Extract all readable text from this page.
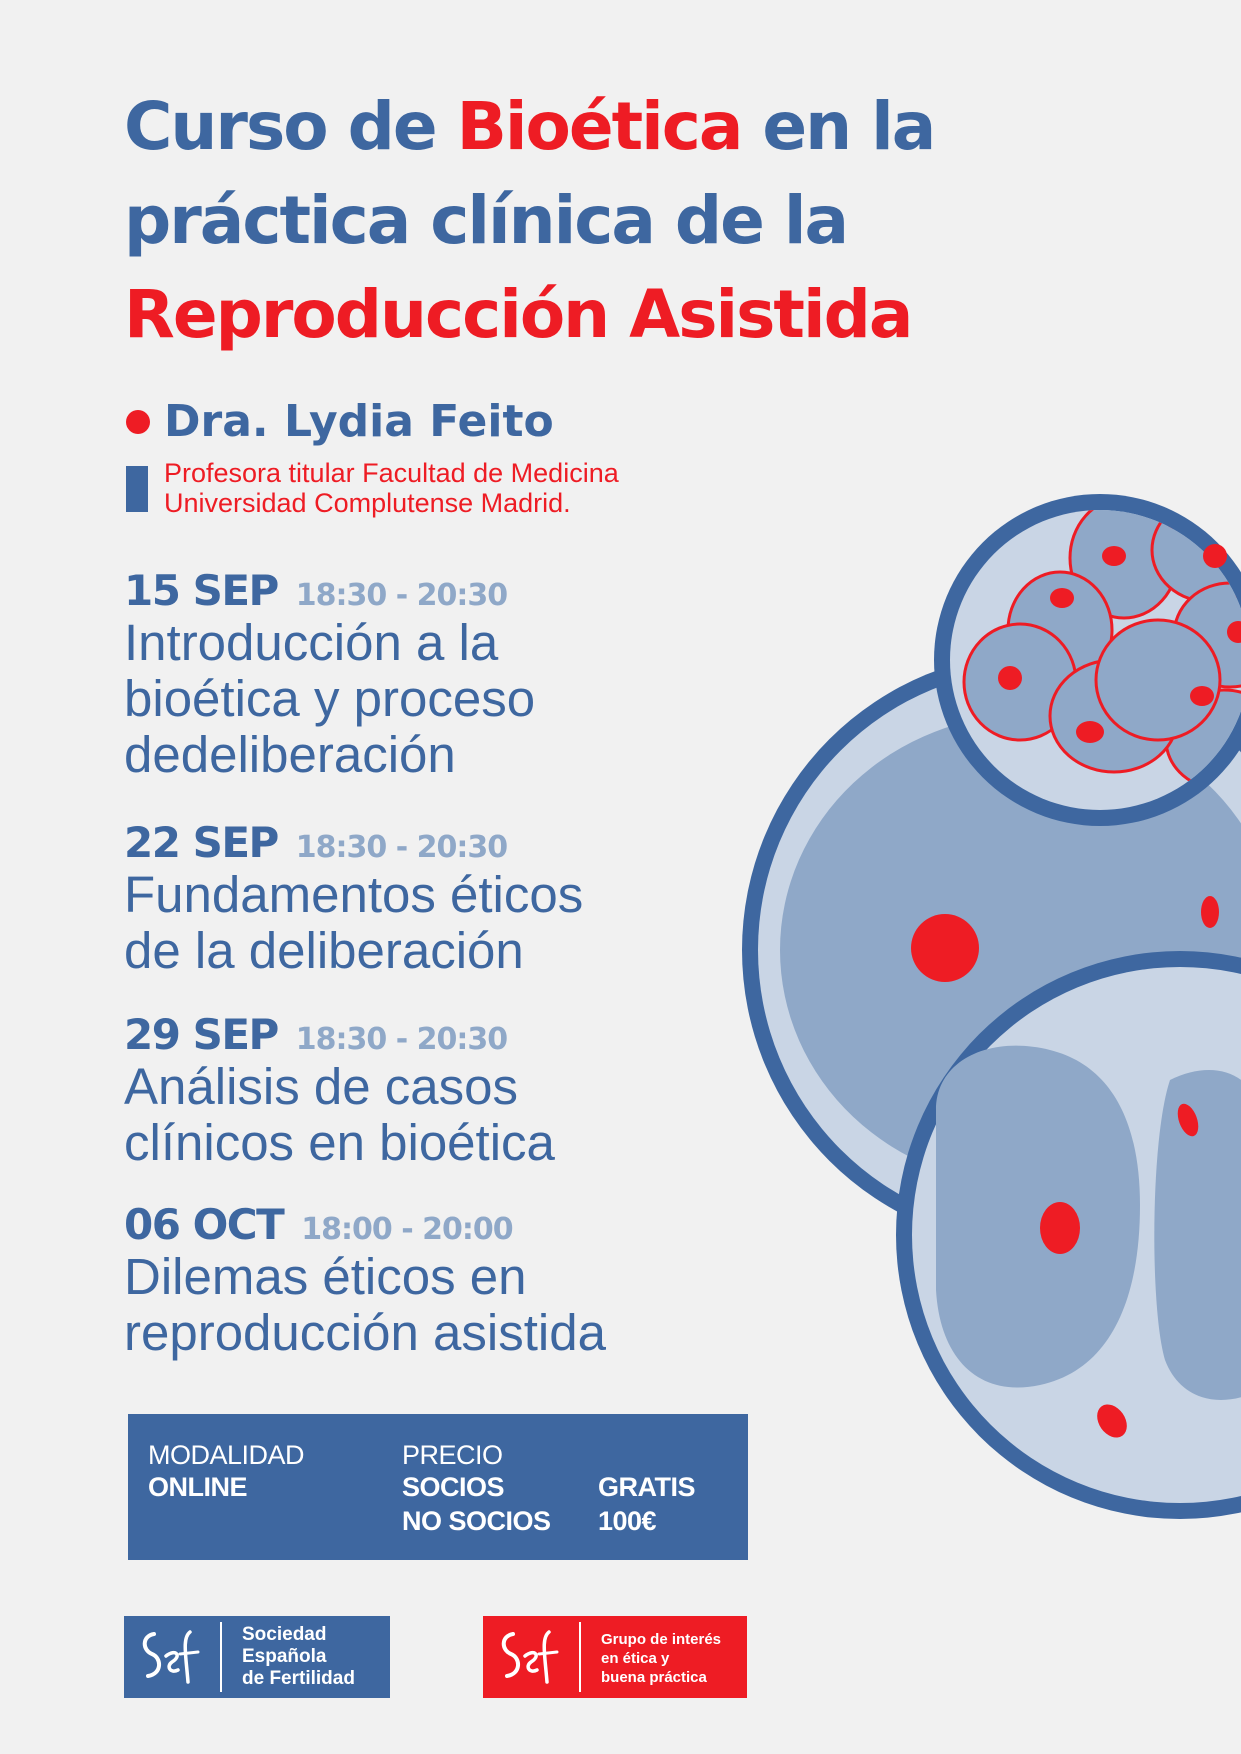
Curso de Bioética en la práctica clínica de la
Reproducción Asistida
Dra. Lydia Feito
Profesora titular Facultad de Medicina
Universidad Complutense Madrid.
15 SEP 18:30 - 20:30
Introducción a la
bioética y proceso
dedeliberación
22 SEP 18:30 - 20:30
Fundamentos éticos
de la deliberación
29 SEP 18:30 - 20:30
Análisis de casos
clínicos en bioética
06 OCT 18:00 - 20:00
Dilemas éticos en
reproducción asistida
MODALIDAD
ONLINE
PRECIO
SOCIOS
NO SOCIOS
GRATIS
100€
Sociedad
Española
de Fertilidad
Grupo de interés
en ética y
buena práctica
